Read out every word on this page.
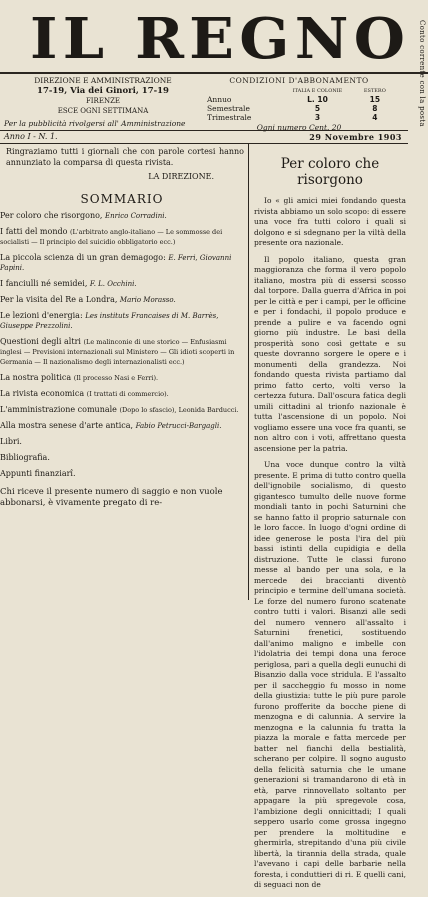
IL REGNO	Conto corrente con la posta
DIREZIONE E AMMINISTRAZIONE
17-19, Via dei Ginori, 17-19
FIRENZE
ESCE OGNI SETTIMANA
Per la pubblicità rivolgersi all' Amministrazione
CONDIZIONI D'ABBONAMENTO
	ITALIA E COLONIE	ESTERO
Annuo	L. 10	15
Semestrale	5	8
Trimestrale	3	4
Ogni numero Cent. 20
Anno I - N. 1.	29 Novembre 1903
Ringraziamo tutti i giornali che con parole cortesi hanno annunziato la comparsa di questa rivista.
LA DIREZIONE.
SOMMARIO
Per coloro che risorgono, Enrico Corradini.
I fatti del mondo (L'arbitrato anglo-italiano — Le sommosse dei socialisti — Il principio del suicidio obbligatorio ecc.)
La piccola scienza di un gran demagogo: E. Ferri, Giovanni Papini.
I fanciulli né semidei, F. L. Occhini.
Per la visita del Re a Londra, Mario Morasso.
Le lezioni d'energia: Les instituts Francaises di M. Barrès, Giuseppe Prezzolini.
Questioni degli altri (Le malinconie di une storico — Enfusiasmi inglesi — Previsioni internazionali sul Ministero — Gli idioti scoperti in Germania — Il nazionalismo degli internazionalisti ecc.)
La nostra politica (Il processo Nasi e Ferri).
La rivista economica (I trattati di commercio).
L'amministrazione comunale (Dopo lo sfascio), Leonida Barducci.
Alla mostra senese d'arte antica, Fabio Petrucci-Bargagli.
Libri.
Bibliografia.
Appunti finanziarî.
Chi riceve il presente numero di saggio e non vuole abbonarsi, è vivamente pregato di re-
Per coloro che risorgono

Io « gli amici miei fondando questa rivista abbiamo un solo scopo: di essere una voce fra tutti coloro i quali si dolgono e si sdegnano per la viltà della presente ora nazionale.

Il popolo italiano, questa gran maggioranza che forma il vero popolo italiano, mostra più di essersi scosso dal torpore. Dalla guerra d'Africa in poi per le città e per i campi, per le officine e per i fondachi, il popolo produce e prende a pulire e va facendo ogni giorno più industre. Le basi della prosperità sono così gettate e su queste dovranno sorgere le opere e i monumenti della grandezza. Noi fondando questa rivista partiamo dal primo fatto certo, volti verso la certezza futura. Dall'oscura fatica degli umili cittadini al trionfo nazionale è tutta l'ascensione di un popolo. Noi vogliamo essere una voce fra quanti, se non altro con i voti, affrettano questa ascensione per la patria.

Una voce dunque contro la viltà presente. E prima di tutto contro quella dell'ignobile socialismo, di questo gigantesco tumulto delle nuove forme mondiali tanto in pochi Saturnini che se hanno fatto il proprio saturnale con le loro facce. In luogo d'ogni ordine di idee generose le posta l'ira del più bassi istinti della cupidigia e della distruzione. Tutte le classi furono messe al bando per una sola, e la mercede dei braccianti diventò principio e termine dell'umana società. Le forze del numero furono scatenate contro tutti i valori. Bisanzi alle sedi del numero vennero all'assalto i Saturnini frenetici, sostituendo dall'animo maligno e imbelle con l'idolatria dei tempi dona una feroce periglosa, pari a quella degli eunuchi di Bisanzio dalla voce stridula. E l'assalto per il saccheggio fu mosso in nome della giustizia: tutte le più pure parole furono profferite da bocche piene di menzogna e di calunnia. A servire la menzogna e la calunnia fu tratta la piazza la morale e fatta mercede per batter nel fianchi della bestialità, scherano per colpire. Il sogno augusto della felicità saturnia che le umane generazioni si tramandarono di età in età, parve rinnovellato soltanto per appagare la più spregevole cosa, l'ambizione degli onnicittadi; I quali seppero usarlo come grossa ingegno per prendere la moltitudine e ghermirla, strepitando d'una più civile libertà, la tirannia della strada, quale l'avevano i capi delle barbarie nella foresta, i conduttieri di ri. E quelli cani, di seguaci non de
